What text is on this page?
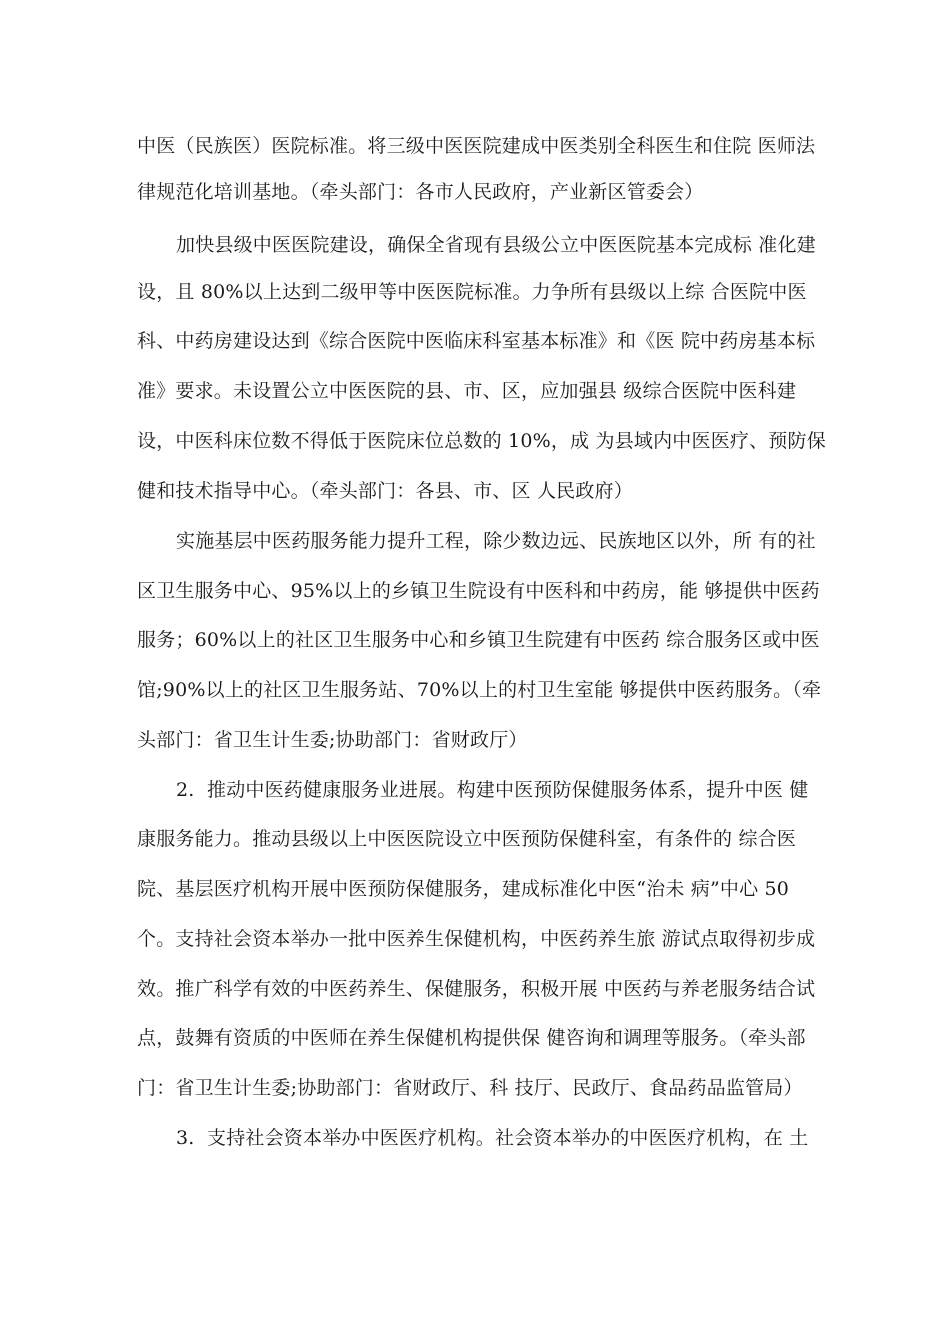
中医（民族医）医院标准。将三级中医医院建成中医类别全科医生和住院 医师法
律规范化培训基地。（牵头部门：各市人民政府，产业新区管委会）
加快县级中医医院建设，确保全省现有县级公立中医医院基本完成标 准化建
设，且 80%以上达到二级甲等中医医院标准。力争所有县级以上综 合医院中医
科、中药房建设达到《综合医院中医临床科室基本标准》和《医 院中药房基本标
准》要求。未设置公立中医医院的县、市、区，应加强县 级综合医院中医科建
设，中医科床位数不得低于医院床位总数的 10%，成 为县域内中医医疗、预防保
健和技术指导中心。（牵头部门：各县、市、区 人民政府）
实施基层中医药服务能力提升工程，除少数边远、民族地区以外，所 有的社
区卫生服务中心、95%以上的乡镇卫生院设有中医科和中药房，能 够提供中医药
服务；60%以上的社区卫生服务中心和乡镇卫生院建有中医药 综合服务区或中医
馆;90%以上的社区卫生服务站、70%以上的村卫生室能 够提供中医药服务。（牵
头部门：省卫生计生委;协助部门：省财政厅）
2.  推动中医药健康服务业进展。构建中医预防保健服务体系，提升中医 健
康服务能力。推动县级以上中医医院设立中医预防保健科室，有条件的 综合医
院、基层医疗机构开展中医预防保健服务，建成标准化中医“治未 病”中心 50
个。支持社会资本举办一批中医养生保健机构，中医药养生旅 游试点取得初步成
效。推广科学有效的中医药养生、保健服务，积极开展 中医药与养老服务结合试
点，鼓舞有资质的中医师在养生保健机构提供保 健咨询和调理等服务。（牵头部
门：省卫生计生委;协助部门：省财政厅、科 技厅、民政厅、食品药品监管局）
3.  支持社会资本举办中医医疗机构。社会资本举办的中医医疗机构，在 土
